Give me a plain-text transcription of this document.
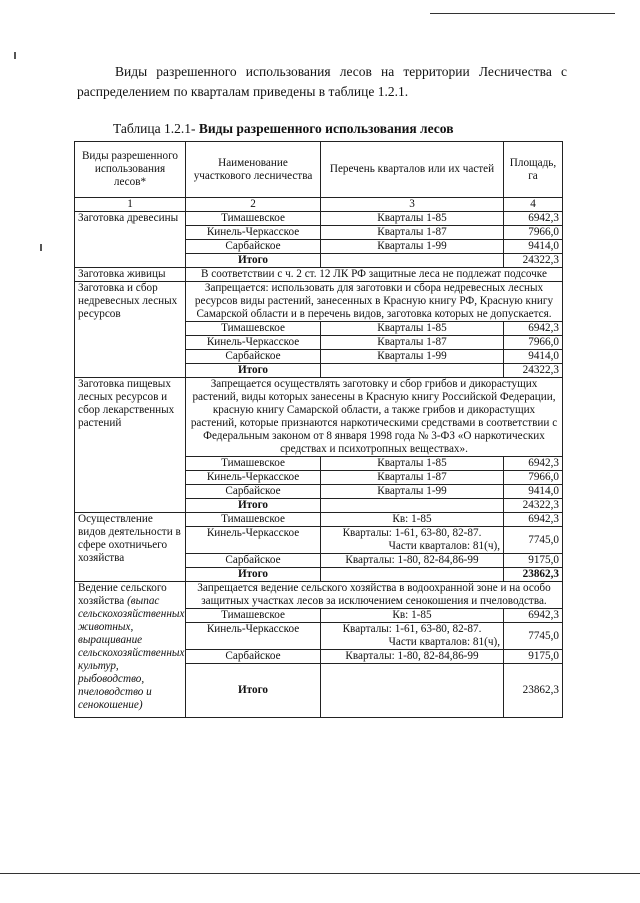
Виды разрешенного использования лесов на территории Лесничества с распределением по кварталам приведены в таблице 1.2.1.
Таблица 1.2.1- Виды разрешенного использования лесов
Виды разрешенного использования лесов*	Наименование участкового лесничества	Перечень кварталов или их частей	Площадь, га
1	2	3	4
Заготовка древесины	Тимашевское	Кварталы 1-85	6942,3
	Кинель-Черкасское	Кварталы 1-87	7966,0
	Сарбайское	Кварталы 1-99	9414,0
	Итого		24322,3
Заготовка живицы	В соответствии с ч. 2 ст. 12 ЛК РФ защитные леса не подлежат подсочке		
Заготовка и сбор недревесных лесных ресурсов	Запрещается: использовать для заготовки и сбора недревесных лесных ресурсов виды растений, занесенных в Красную книгу РФ, Красную книгу Самарской области и в перечень видов, заготовка которых не допускается.		
	Тимашевское	Кварталы 1-85	6942,3
	Кинель-Черкасское	Кварталы 1-87	7966,0
	Сарбайское	Кварталы 1-99	9414,0
	Итого		24322,3
Заготовка пищевых лесных ресурсов и сбор лекарственных растений	Запрещается осуществлять заготовку и сбор грибов и дикорастущих растений, виды которых занесены в Красную книгу Российской Федерации, красную книгу Самарской области, а также грибов и дикорастущих растений, которые признаются наркотическими средствами в соответствии с Федеральным законом от 8 января 1998 года № 3-ФЗ «О наркотических средствах и психотропных веществах».		
	Тимашевское	Кварталы 1-85	6942,3
	Кинель-Черкасское	Кварталы 1-87	7966,0
	Сарбайское	Кварталы 1-99	9414,0
	Итого		24322,3
Осуществление видов деятельности в сфере охотничьего хозяйства	Тимашевское	Кв: 1-85	6942,3
	Кинель-Черкасское	Кварталы: 1-61, 63-80, 82-87.
Части кварталов: 81(ч),	7745,0
	Сарбайское	Кварталы: 1-80, 82-84,86-99	9175,0
	Итого		23862,3
Ведение сельского хозяйства (выпас сельскохозяйственных животных, выращивание сельскохозяйственных культур, рыбоводство, пчеловодство и сенокошение)	Запрещается ведение сельского хозяйства в водоохранной зоне и на особо защитных участках лесов за исключением сенокошения и пчеловодства.		
	Тимашевское	Кв: 1-85	6942,3
	Кинель-Черкасское	Кварталы: 1-61, 63-80, 82-87.
Части кварталов: 81(ч),	7745,0
	Сарбайское	Кварталы: 1-80, 82-84,86-99	9175,0
	Итого		23862,3
